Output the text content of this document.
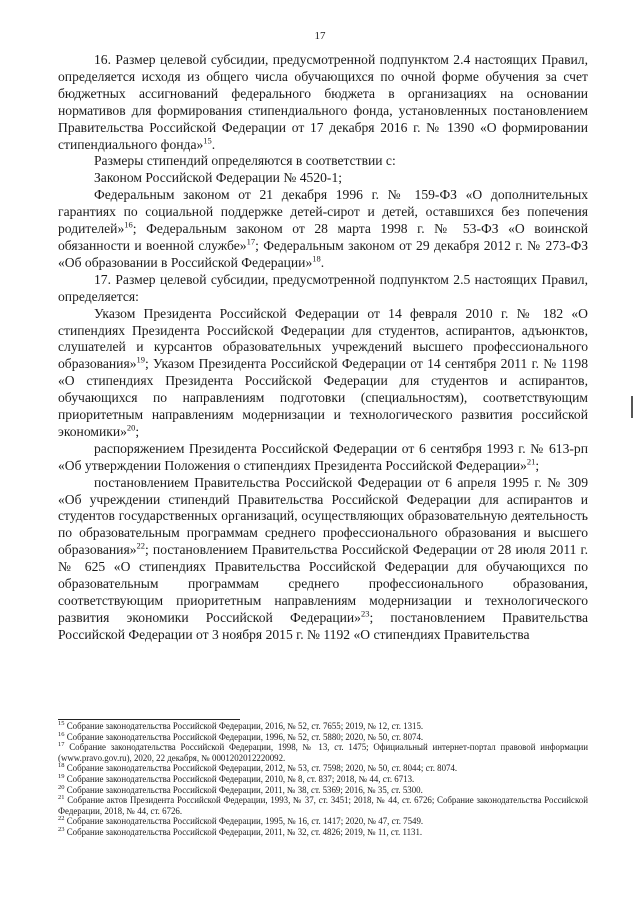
17

16. Размер целевой субсидии, предусмотренной подпунктом 2.4 настоящих Правил, определяется исходя из общего числа обучающихся по очной форме обучения за счет бюджетных ассигнований федерального бюджета в организациях на основании нормативов для формирования стипендиального фонда, установленных постановлением Правительства Российской Федерации от 17 декабря 2016 г. № 1390 «О формировании стипендиального фонда»$^{15}$.

Размеры стипендий определяются в соответствии с:

Законом Российской Федерации № 4520-1;

Федеральным законом от 21 декабря 1996 г. № 159-ФЗ «О дополнительных гарантиях по социальной поддержке детей-сирот и детей, оставшихся без попечения родителей»$^{16}$; Федеральным законом от 28 марта 1998 г. № 53-ФЗ «О воинской обязанности и военной службе»$^{17}$; Федеральным законом от 29 декабря 2012 г. № 273-ФЗ «Об образовании в Российской Федерации»$^{18}$.

17. Размер целевой субсидии, предусмотренной подпунктом 2.5 настоящих Правил, определяется:

Указом Президента Российской Федерации от 14 февраля 2010 г. № 182 «О стипендиях Президента Российской Федерации для студентов, аспирантов, адъюнктов, слушателей и курсантов образовательных учреждений высшего профессионального образования»$^{19}$; Указом Президента Российской Федерации от 14 сентября 2011 г. № 1198 «О стипендиях Президента Российской Федерации для студентов и аспирантов, обучающихся по направлениям подготовки (специальностям), соответствующим приоритетным направлениям модернизации и технологического развития российской экономики»$^{20}$;

распоряжением Президента Российской Федерации от 6 сентября 1993 г. № 613-рп «Об утверждении Положения о стипендиях Президента Российской Федерации»$^{21}$;

постановлением Правительства Российской Федерации от 6 апреля 1995 г. № 309 «Об учреждении стипендий Правительства Российской Федерации для аспирантов и студентов государственных организаций, осуществляющих образовательную деятельность по образовательным программам среднего профессионального образования и высшего образования»$^{22}$; постановлением Правительства Российской Федерации от 28 июля 2011 г. № 625 «О стипендиях Правительства Российской Федерации для обучающихся по образовательным программам среднего профессионального образования, соответствующим приоритетным направлениям модернизации и технологического развития экономики Российской Федерации»$^{23}$; постановлением Правительства Российской Федерации от 3 ноября 2015 г. № 1192 «О стипендиях Правительства

$^{15}$ Собрание законодательства Российской Федерации, 2016, № 52, ст. 7655; 2019, № 12, ст. 1315.

$^{16}$ Собрание законодательства Российской Федерации, 1996, № 52, ст. 5880; 2020, № 50, ст. 8074.

$^{17}$ Собрание законодательства Российской Федерации, 1998, № 13, ст. 1475; Официальный интернет-портал правовой информации (www.pravo.gov.ru), 2020, 22 декабря, № 0001202012220092.

$^{18}$ Собрание законодательства Российской Федерации, 2012, № 53, ст. 7598; 2020, № 50, ст. 8044; ст. 8074.

$^{19}$ Собрание законодательства Российской Федерации, 2010, № 8, ст. 837; 2018, № 44, ст. 6713.

$^{20}$ Собрание законодательства Российской Федерации, 2011, № 38, ст. 5369; 2016, № 35, ст. 5300.

$^{21}$ Собрание актов Президента Российской Федерации, 1993, № 37, ст. 3451; 2018, № 44, ст. 6726; Собрание законодательства Российской Федерации, 2018, № 44, ст. 6726.

$^{22}$ Собрание законодательства Российской Федерации, 1995, № 16, ст. 1417; 2020, № 47, ст. 7549.

$^{23}$ Собрание законодательства Российской Федерации, 2011, № 32, ст. 4826; 2019, № 11, ст. 1131.
